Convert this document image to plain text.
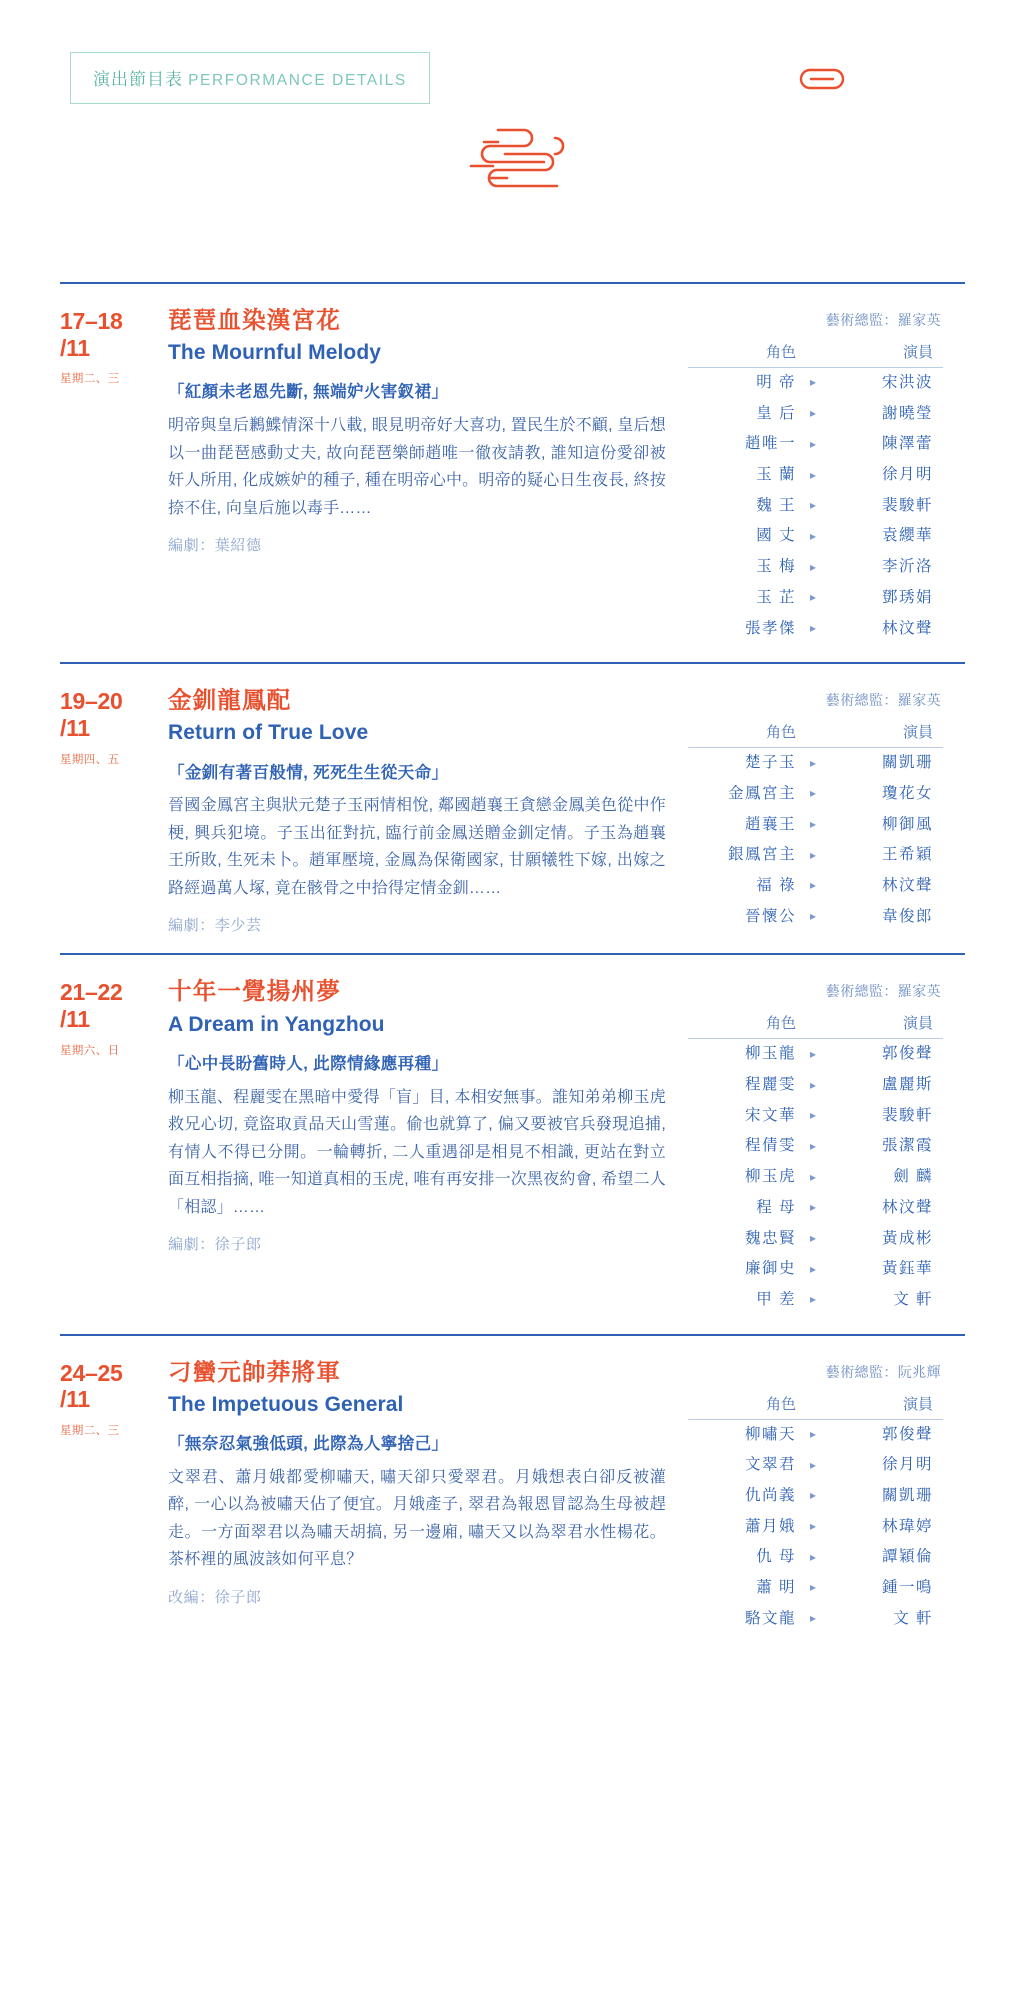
演出節目表 PERFORMANCE DETAILS
17–18
/11
星期二、三
琵琶血染漢宮花
The Mournful Melody
「紅顏未老恩先斷, 無端妒火害釵裙」
明帝與皇后鶼鰈情深十八載, 眼見明帝好大喜功, 置民生於不顧, 皇后想以一曲琵琶感動丈夫, 故向琵琶樂師趙唯一徹夜請教, 誰知這份愛卻被奸人所用, 化成嫉妒的種子, 種在明帝心中。明帝的疑心日生夜長, 終按捺不住, 向皇后施以毒手……
編劇：葉紹德
藝術總監：羅家英
角色	演員
明 帝	▸	宋洪波
皇 后	▸	謝曉瑩
趙唯一	▸	陳澤蕾
玉 蘭	▸	徐月明
魏 王	▸	裴駿軒
國 丈	▸	袁纓華
玉 梅	▸	李沂洛
玉 芷	▸	鄧琇娟
張孝傑	▸	林汶聲
19–20
/11
星期四、五
金釧龍鳳配
Return of True Love
「金釧有著百般情, 死死生生從天命」
晉國金鳳宮主與狀元楚子玉兩情相悅, 鄰國趙襄王貪戀金鳳美色從中作梗, 興兵犯境。子玉出征對抗, 臨行前金鳳送贈金釧定情。子玉為趙襄王所敗, 生死未卜。趙軍壓境, 金鳳為保衛國家, 甘願犧牲下嫁, 出嫁之路經過萬人塚, 竟在骸骨之中拾得定情金釧……
編劇：李少芸
藝術總監：羅家英
角色	演員
楚子玉	▸	關凱珊
金鳳宮主	▸	瓊花女
趙襄王	▸	柳御風
銀鳳宮主	▸	王希穎
福 祿	▸	林汶聲
晉懷公	▸	韋俊郎
21–22
/11
星期六、日
十年一覺揚州夢
A Dream in Yangzhou
「心中長盼舊時人, 此際情緣應再種」
柳玉龍、程麗雯在黑暗中愛得「盲」目, 本相安無事。誰知弟弟柳玉虎救兄心切, 竟盜取貢品天山雪蓮。偷也就算了, 偏又要被官兵發現追捕, 有情人不得已分開。一輪轉折, 二人重遇卻是相見不相識, 更站在對立面互相指摘, 唯一知道真相的玉虎, 唯有再安排一次黑夜約會, 希望二人「相認」……
編劇：徐子郎
藝術總監：羅家英
角色	演員
柳玉龍	▸	郭俊聲
程麗雯	▸	盧麗斯
宋文華	▸	裴駿軒
程倩雯	▸	張潔霞
柳玉虎	▸	劍 麟
程 母	▸	林汶聲
魏忠賢	▸	黃成彬
廉御史	▸	黃鈺華
甲 差	▸	文 軒
24–25
/11
星期二、三
刁蠻元帥莽將軍
The Impetuous General
「無奈忍氣強低頭, 此際為人寧捨己」
文翠君、蕭月娥都愛柳嘯天, 嘯天卻只愛翠君。月娥想表白卻反被灌醉, 一心以為被嘯天佔了便宜。月娥產子, 翠君為報恩冒認為生母被趕走。一方面翠君以為嘯天胡搞, 另一邊廂, 嘯天又以為翠君水性楊花。茶杯裡的風波該如何平息？
改編：徐子郎
藝術總監：阮兆輝
角色	演員
柳嘯天	▸	郭俊聲
文翠君	▸	徐月明
仇尚義	▸	關凱珊
蕭月娥	▸	林瑋婷
仇 母	▸	譚穎倫
蕭 明	▸	鍾一鳴
駱文龍	▸	文 軒
